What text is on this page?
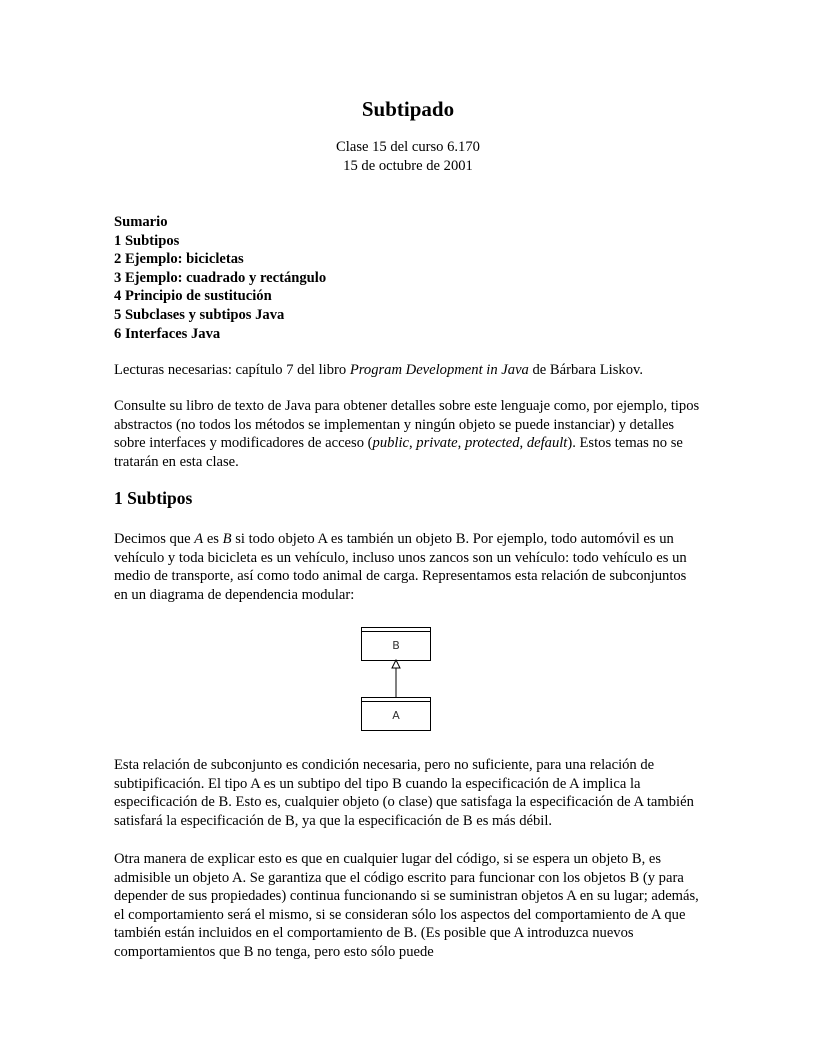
Subtipado
Clase 15 del curso 6.170
15 de octubre de 2001
Sumario
1 Subtipos
2 Ejemplo: bicicletas
3 Ejemplo: cuadrado y rectángulo
4 Principio de sustitución
5 Subclases y subtipos Java
6 Interfaces Java
Lecturas necesarias: capítulo 7 del libro Program Development in Java de Bárbara Liskov.
Consulte su libro de texto de Java para obtener detalles sobre este lenguaje como, por ejemplo, tipos abstractos (no todos los métodos se implementan y ningún objeto se puede instanciar) y detalles sobre interfaces y modificadores de acceso (public, private, protected, default). Estos temas no se tratarán en esta clase.
1 Subtipos
Decimos que A es B si todo objeto A es también un objeto B. Por ejemplo, todo automóvil es un vehículo y toda bicicleta es un vehículo, incluso unos zancos son un vehículo: todo vehículo es un medio de transporte, así como todo animal de carga. Representamos esta relación de subconjuntos en un diagrama de dependencia modular:
Esta relación de subconjunto es condición necesaria, pero no suficiente, para una relación de subtipificación. El tipo A es un subtipo del tipo B cuando la especificación de A implica la especificación de B. Esto es, cualquier objeto (o clase) que satisfaga la especificación de A también satisfará la especificación de B, ya que la especificación de B es más débil.
Otra manera de explicar esto es que en cualquier lugar del código, si se espera un objeto B, es admisible un objeto A. Se garantiza que el código escrito para funcionar con los objetos B (y para depender de sus propiedades) continua funcionando si se suministran objetos A en su lugar; además, el comportamiento será el mismo, si se consideran sólo los aspectos del comportamiento de A que también están incluidos en el comportamiento de B. (Es posible que A introduzca nuevos comportamientos que B no tenga, pero esto sólo puede
B
A
